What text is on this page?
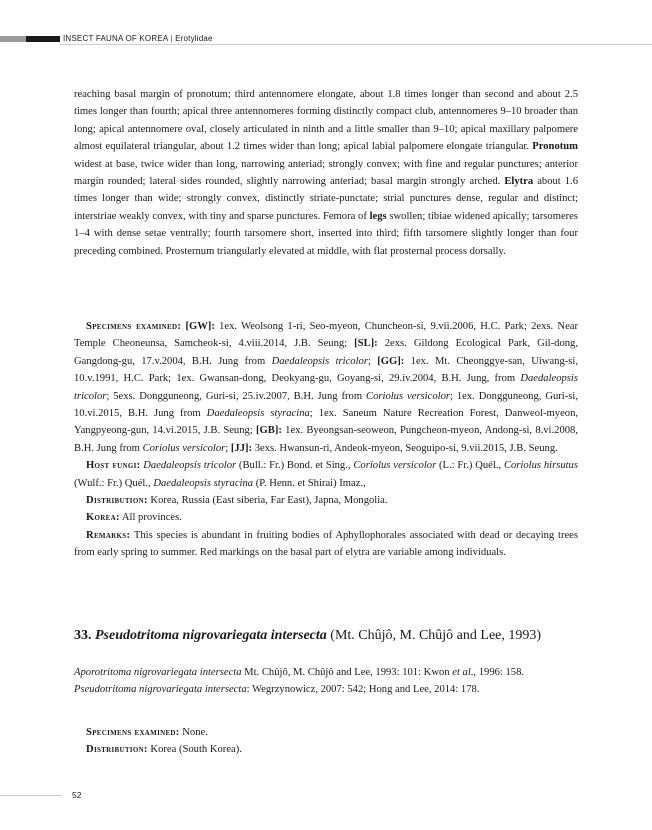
INSECT FAUNA OF KOREA | Erotylidae

reaching basal margin of pronotum; third antennomere elongate, about 1.8 times longer than second and about 2.5 times longer than fourth; apical three antennomeres forming distinctly compact club, antennomeres 9–10 broader than long; apical antennomere oval, closely articulated in ninth and a little smaller than 9–10; apical maxillary palpomere almost equilateral triangular, about 1.2 times wider than long; apical labial palpomere elongate triangular. Pronotum widest at base, twice wider than long, narrowing anteriad; strongly convex; with fine and regular punctures; anterior margin rounded; lateral sides rounded, slightly narrowing anteriad; basal margin strongly arched. Elytra about 1.6 times longer than wide; strongly convex, distinctly striate-punctate; strial punctures dense, regular and distinct; interstriae weakly convex, with tiny and sparse punctures. Femora of legs swollen; tibiae widened apically; tarsomeres 1–4 with dense setae ventrally; fourth tarsomere short, inserted into third; fifth tarsomere slightly longer than four preceding combined. Prosternum triangularly elevated at middle, with flat prosternal process dorsally.

Specimens examined: [GW]: 1ex. Weolsong 1-ri, Seo-myeon, Chuncheon-si, 9.vii.2006, H.C. Park; 2exs. Near Temple Cheoneunsa, Samcheok-si, 4.viii.2014, J.B. Seung; [SL]: 2exs. Gildong Ecological Park, Gil-dong, Gangdong-gu, 17.v.2004, B.H. Jung from Daedaleopsis tricolor; [GG]: 1ex. Mt. Cheonggye-san, Uiwang-si, 10.v.1991, H.C. Park; 1ex. Gwansan-dong, Deokyang-gu, Goyang-si, 29.iv.2004, B.H. Jung, from Daedaleopsis tricolor; 5exs. Dongguneong, Guri-si, 25.iv.2007, B.H. Jung from Coriolus versicolor; 1ex. Dongguneong, Guri-si, 10.vi.2015, B.H. Jung from Daedaleopsis styracina; 1ex. Saneum Nature Recreation Forest, Danweol-myeon, Yangpyeong-gun, 14.vi.2015, J.B. Seung; [GB]: 1ex. Byeongsan-seoweon, Pungcheon-myeon, Andong-si, 8.vi.2008, B.H. Jung from Coriolus versicolor; [JJ]: 3exs. Hwansun-ri, Andeok-myeon, Seoguipo-si, 9.vii.2015, J.B. Seung.

Host fungi: Daedaleopsis tricolor (Bull.: Fr.) Bond. et Sing., Coriolus versicolor (L.: Fr.) Quél., Coriolus hirsutus (Wulf.: Fr.) Quél., Daedaleopsis styracina (P. Henn. et Shirai) Imaz.,

Distribution: Korea, Russia (East siberia, Far East), Japna, Mongolia.

Korea: All provinces.

Remarks: This species is abundant in fruiting bodies of Aphyllophorales associated with dead or decaying trees from early spring to summer. Red markings on the basal part of elytra are variable among individuals.

33. Pseudotritoma nigrovariegata intersecta (Mt. Chûjô, M. Chûjô and Lee, 1993)

Aporotritoma nigrovariegata intersecta Mt. Chûjô, M. Chûjô and Lee, 1993: 101: Kwon et al., 1996: 158.

Pseudotritoma nigrovariegata intersecta: Wegrzynowicz, 2007: 542; Hong and Lee, 2014: 178.

Specimens examined: None.

Distribution: Korea (South Korea).

52
